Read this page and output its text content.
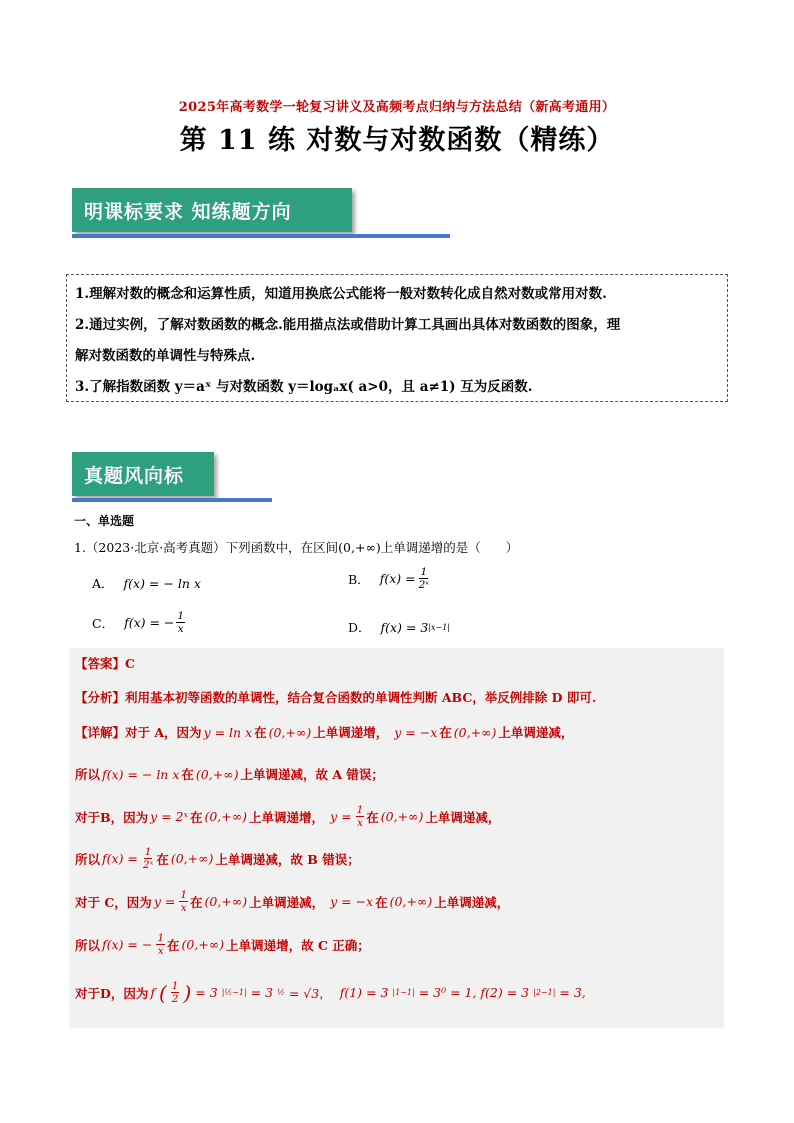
2025年高考数学一轮复习讲义及高频考点归纳与方法总结（新高考通用）
第 11 练 对数与对数函数（精练）
明课标要求 知练题方向

1.理解对数的概念和运算性质，知道用换底公式能将一般对数转化成自然对数或常用对数.

2.通过实例，了解对数函数的概念.能用描点法或借助计算工具画出具体对数函数的图象，理

解对数函数的单调性与特殊点.

3.了解指数函数 y＝aˣ 与对数函数 y＝logₐx( a>0，且 a≠1) 互为反函数.

真题风向标
一、单选题
1.（2023·北京·高考真题）下列函数中，在区间(0,+∞)上单调递增的是（　　）
A． f(x) = − ln x	B． $f(x) = \frac{1}{\text{2ˣ}}$
C． f(x) = − $\frac{1}{x}$	D． f(x) = 3 |x−1|
【答案】C
【分析】利用基本初等函数的单调性，结合复合函数的单调性判断 ABC，举反例排除 D 即可.
【详解】对于 A，因为 y = ln x 在 (0,+∞) 上单调递增， y = −x 在 (0,+∞) 上单调递减，
所以 f(x) = − ln x 在 (0,+∞) 上单调递减，故 A 错误；
对于B，因为 y = 2ˣ 在 (0,+∞) 上单调递增， $y = \frac{1}{x}$ 在 (0,+∞) 上单调递减，
所以 $f(x) = \frac{1}{\text{2ˣ}}$ 在 (0,+∞) 上单调递减，故 B 错误；
对于 C，因为 $y = \frac{1}{x}$ 在 (0,+∞) 上单调递减， y = −x 在 (0,+∞) 上单调递减，
所以 f(x) = − $\frac{1}{x}$ 在 (0,+∞) 上单调递增，故 C 正确；
对于D，因为 f ( $\frac{1}{2}$ ) = 3 |½−1| = 3 ½ = √3， f(1) = 3 |1−1| = 3⁰ = 1, f(2) = 3 |2−1| = 3,
